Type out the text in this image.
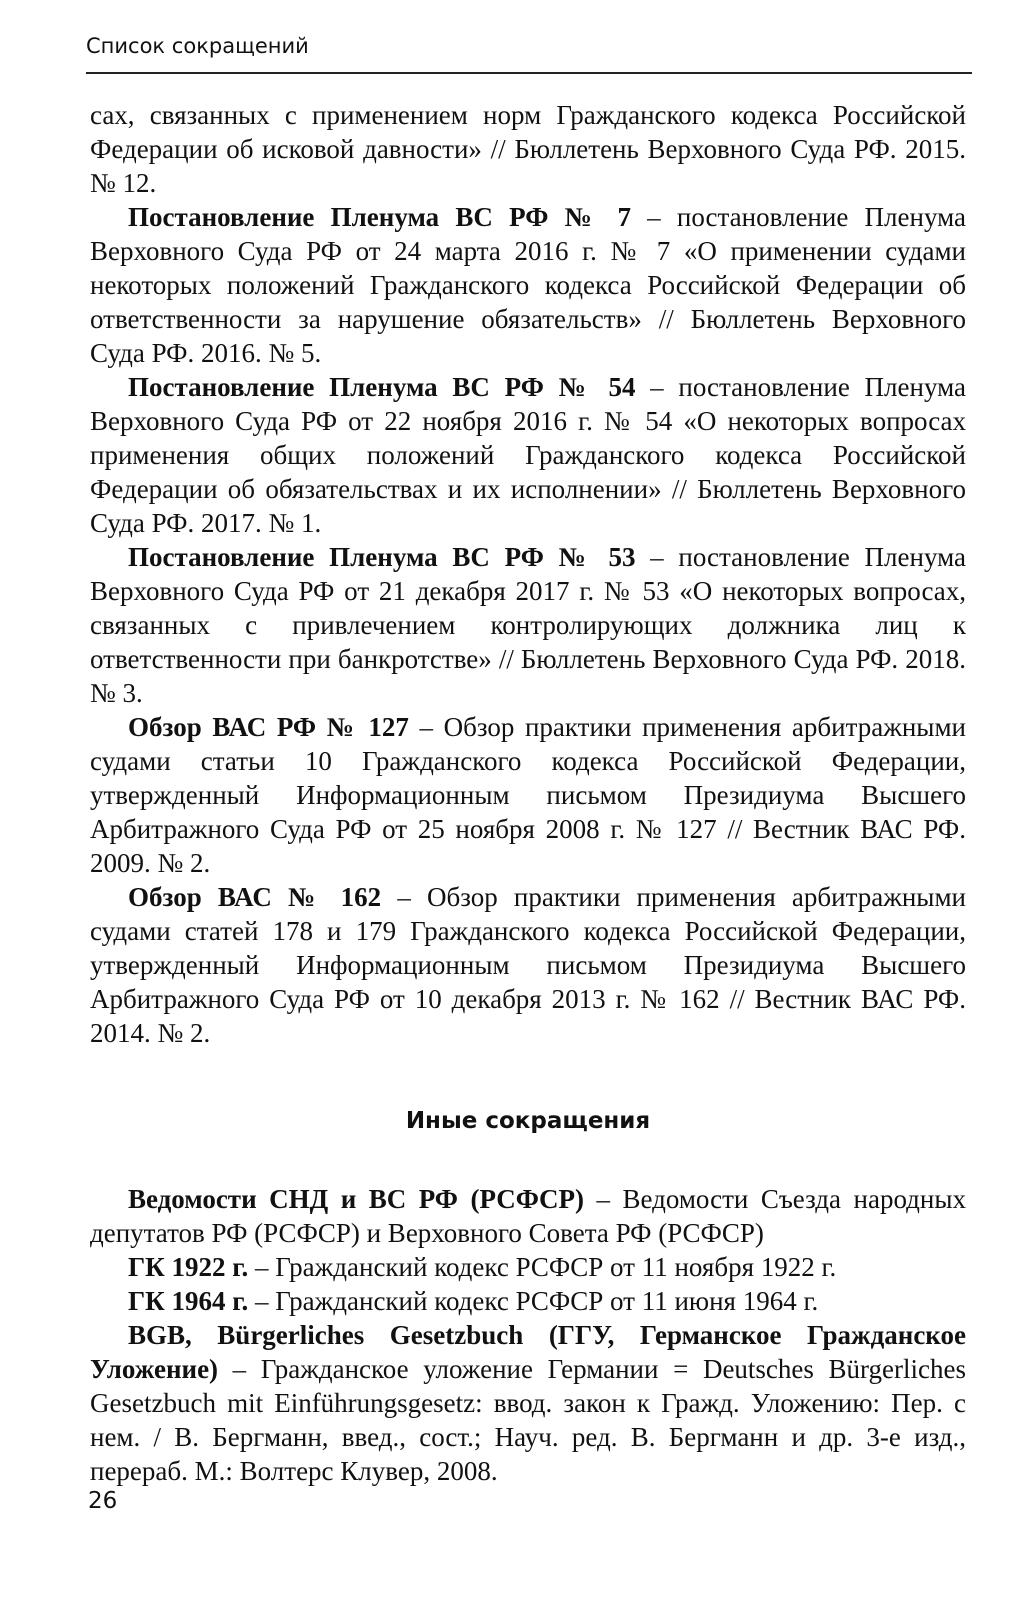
Список сокращений

сах, связанных с применением норм Гражданского кодекса Российской Федерации об исковой давности» // Бюллетень Верховного Суда РФ. 2015. № 12.

Постановление Пленума ВС РФ № 7 – постановление Пленума Верховного Суда РФ от 24 марта 2016 г. № 7 «О применении судами некоторых положений Гражданского кодекса Российской Федерации об ответственности за нарушение обязательств» // Бюллетень Верховного Суда РФ. 2016. № 5.

Постановление Пленума ВС РФ № 54 – постановление Пленума Верховного Суда РФ от 22 ноября 2016 г. № 54 «О некоторых вопросах применения общих положений Гражданского кодекса Российской Федерации об обязательствах и их исполнении» // Бюллетень Верховного Суда РФ. 2017. № 1.

Постановление Пленума ВС РФ № 53 – постановление Пленума Верховного Суда РФ от 21 декабря 2017 г. № 53 «О некоторых вопросах, связанных с привлечением контролирующих должника лиц к ответственности при банкротстве» // Бюллетень Верховного Суда РФ. 2018. № 3.

Обзор ВАС РФ № 127 – Обзор практики применения арбитражными судами статьи 10 Гражданского кодекса Российской Федерации, утвержденный Информационным письмом Президиума Высшего Арбитражного Суда РФ от 25 ноября 2008 г. № 127 // Вестник ВАС РФ. 2009. № 2.

Обзор ВАС № 162 – Обзор практики применения арбитражными судами статей 178 и 179 Гражданского кодекса Российской Федерации, утвержденный Информационным письмом Президиума Высшего Арбитражного Суда РФ от 10 декабря 2013 г. № 162 // Вестник ВАС РФ. 2014. № 2.

Иные сокращения

Ведомости СНД и ВС РФ (РСФСР) – Ведомости Съезда народных депутатов РФ (РСФСР) и Верховного Совета РФ (РСФСР)

ГК 1922 г. – Гражданский кодекс РСФСР от 11 ноября 1922 г.

ГК 1964 г. – Гражданский кодекс РСФСР от 11 июня 1964 г.

BGB, Bürgerliches Gesetzbuch (ГГУ, Германское Гражданское Уложение) – Гражданское уложение Германии = Deutsches Bürgerliches Gesetzbuch mit Einführungsgesetz: ввод. закон к Гражд. Уложению: Пер. с нем. / В. Бергманн, введ., сост.; Науч. ред. В. Бергманн и др. 3-е изд., перераб. М.: Волтерс Клувер, 2008.

26
